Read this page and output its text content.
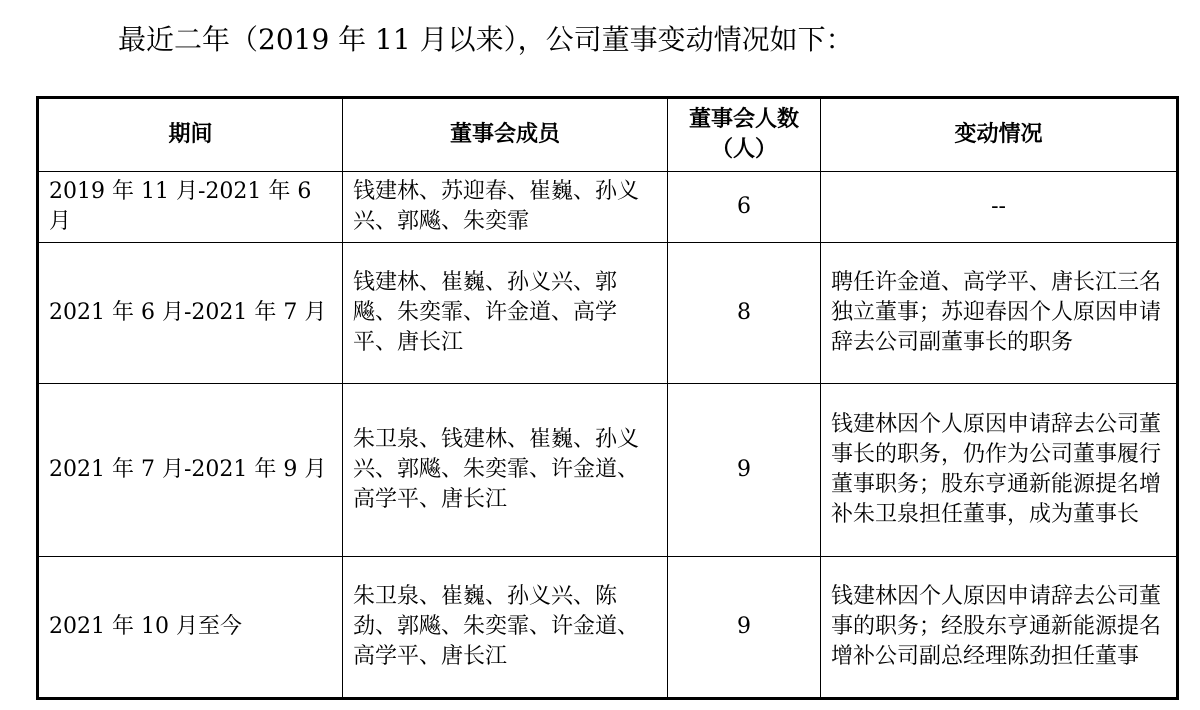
最近二年（2019 年 11 月以来），公司董事变动情况如下：
期间	董事会成员	董事会人数（人）	变动情况
2019 年 11 月-2021 年 6 月	钱建林、苏迎春、崔巍、孙义兴、郭飚、朱奕霏	6	--
2021 年 6 月-2021 年 7 月	钱建林、崔巍、孙义兴、郭飚、朱奕霏、许金道、高学平、唐长江	8	聘任许金道、高学平、唐长江三名独立董事；苏迎春因个人原因申请辞去公司副董事长的职务
2021 年 7 月-2021 年 9 月	朱卫泉、钱建林、崔巍、孙义兴、郭飚、朱奕霏、许金道、高学平、唐长江	9	钱建林因个人原因申请辞去公司董事长的职务，仍作为公司董事履行董事职务；股东亨通新能源提名增补朱卫泉担任董事，成为董事长
2021 年 10 月至今	朱卫泉、崔巍、孙义兴、陈劲、郭飚、朱奕霏、许金道、高学平、唐长江	9	钱建林因个人原因申请辞去公司董事的职务；经股东亨通新能源提名增补公司副总经理陈劲担任董事
